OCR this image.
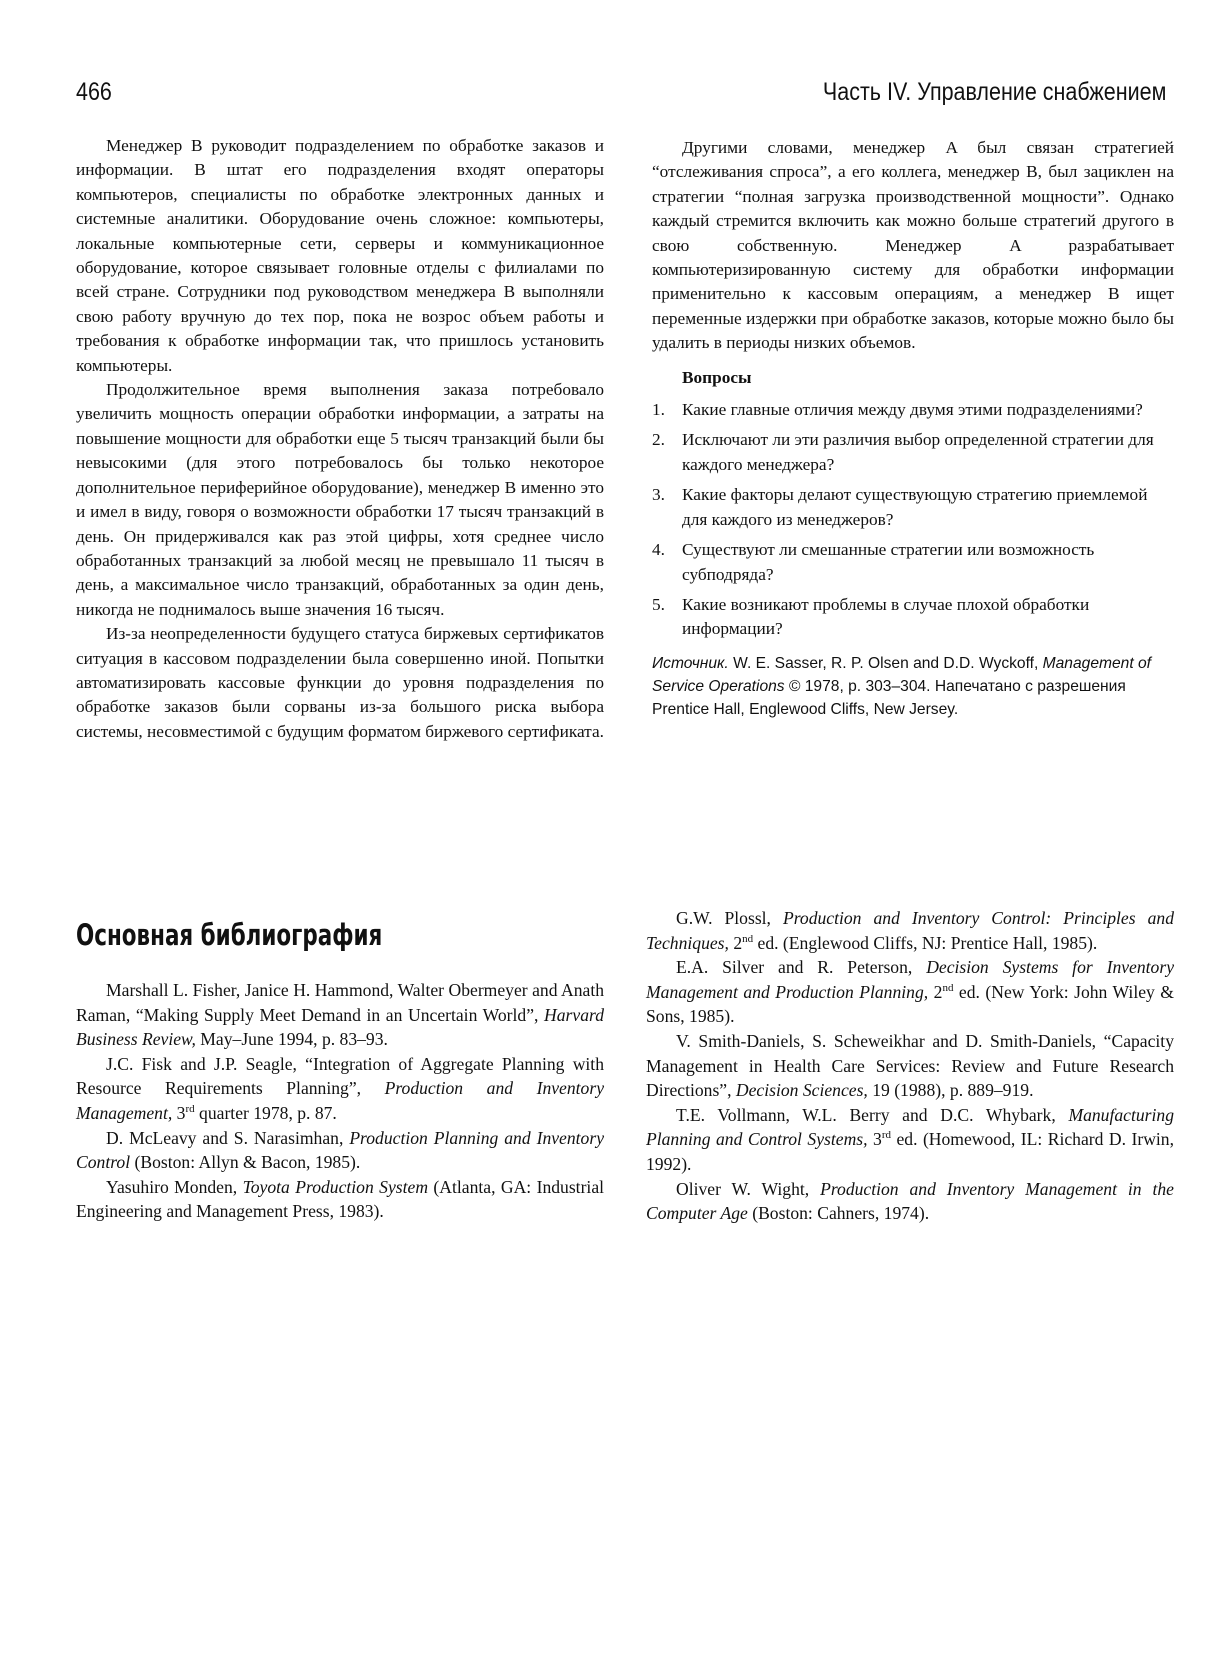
466	Часть IV. Управление снабжением

Менеджер B руководит подразделением по обработке заказов и информации. В штат его подразделения входят операторы компьютеров, специалисты по обработке электронных данных и системные аналитики. Оборудование очень сложное: компьютеры, локальные компьютерные сети, серверы и коммуникационное оборудование, которое связывает головные отделы с филиалами по всей стране. Сотрудники под руководством менеджера B выполняли свою работу вручную до тех пор, пока не возрос объем работы и требования к обработке информации так, что пришлось установить компьютеры.

Продолжительное время выполнения заказа потребовало увеличить мощность операции обработки информации, а затраты на повышение мощности для обработки еще 5 тысяч транзакций были бы невысокими (для этого потребовалось бы только некоторое дополнительное периферийное оборудование), менеджер B именно это и имел в виду, говоря о возможности обработки 17 тысяч транзакций в день. Он придерживался как раз этой цифры, хотя среднее число обработанных транзакций за любой месяц не превышало 11 тысяч в день, а максимальное число транзакций, обработанных за один день, никогда не поднималось выше значения 16 тысяч.

Из-за неопределенности будущего статуса биржевых сертификатов ситуация в кассовом подразделении была совершенно иной. Попытки автоматизировать кассовые функции до уровня подразделения по обработке заказов были сорваны из-за большого риска выбора системы, несовместимой с будущим форматом биржевого сертификата.

Другими словами, менеджер A был связан стратегией “отслеживания спроса”, а его коллега, менеджер B, был зациклен на стратегии “полная загрузка производственной мощности”. Однако каждый стремится включить как можно больше стратегий другого в свою собственную. Менеджер A разрабатывает компьютеризированную систему для обработки информации применительно к кассовым операциям, а менеджер B ищет переменные издержки при обработке заказов, которые можно было бы удалить в периоды низких объемов.

Вопросы
1. Какие главные отличия между двумя этими подразделениями?
2. Исключают ли эти различия выбор определенной стратегии для каждого менеджера?
3. Какие факторы делают существующую стратегию приемлемой для каждого из менеджеров?
4. Существуют ли смешанные стратегии или возможность субподряда?
5. Какие возникают проблемы в случае плохой обработки информации?
Источник. W. E. Sasser, R. P. Olsen and D.D. Wyckoff, Management of Service Operations © 1978, p. 303–304. Напечатано с разрешения Prentice Hall, Englewood Cliffs, New Jersey.
Основная библиография

Marshall L. Fisher, Janice H. Hammond, Walter Obermeyer and Anath Raman, “Making Supply Meet Demand in an Uncertain World”, Harvard Business Review, May–June 1994, p. 83–93.

J.C. Fisk and J.P. Seagle, “Integration of Aggregate Planning with Resource Requirements Planning”, Production and Inventory Management, 3rd quarter 1978, p. 87.

D. McLeavy and S. Narasimhan, Production Planning and Inventory Control (Boston: Allyn & Bacon, 1985).

Yasuhiro Monden, Toyota Production System (Atlanta, GA: Industrial Engineering and Management Press, 1983).

G.W. Plossl, Production and Inventory Control: Principles and Techniques, 2nd ed. (Englewood Cliffs, NJ: Prentice Hall, 1985).

E.A. Silver and R. Peterson, Decision Systems for Inventory Management and Production Planning, 2nd ed. (New York: John Wiley & Sons, 1985).

V. Smith-Daniels, S. Scheweikhar and D. Smith-Daniels, “Capacity Management in Health Care Services: Review and Future Research Directions”, Decision Sciences, 19 (1988), p. 889–919.

T.E. Vollmann, W.L. Berry and D.C. Whybark, Manufacturing Planning and Control Systems, 3rd ed. (Homewood, IL: Richard D. Irwin, 1992).

Oliver W. Wight, Production and Inventory Management in the Computer Age (Boston: Cahners, 1974).
